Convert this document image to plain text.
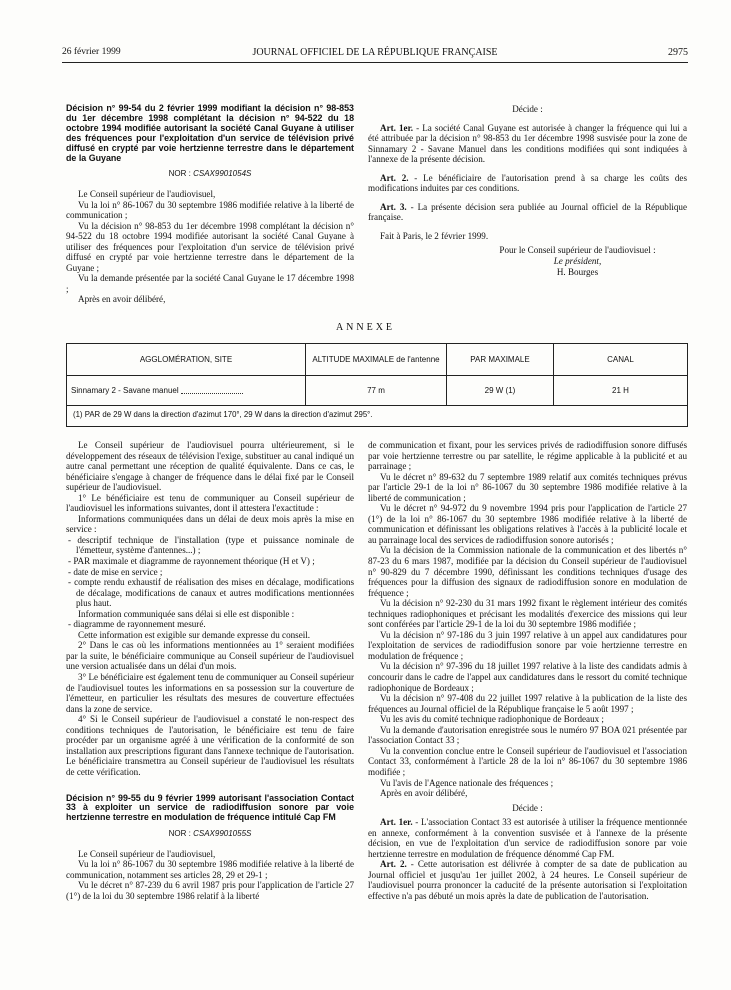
26 février 1999	JOURNAL OFFICIEL DE LA RÉPUBLIQUE FRANÇAISE	2975
Décision n° 99-54 du 2 février 1999 modifiant la décision n° 98-853 du 1er décembre 1998 complétant la décision n° 94-522 du 18 octobre 1994 modifiée autorisant la société Canal Guyane à utiliser des fréquences pour l'exploitation d'un service de télévision privé diffusé en crypté par voie hertzienne terrestre dans le département de la Guyane
NOR : CSAX9901054S

Le Conseil supérieur de l'audiovisuel,

Vu la loi n° 86-1067 du 30 septembre 1986 modifiée relative à la liberté de communication ;

Vu la décision n° 98-853 du 1er décembre 1998 complétant la décision n° 94-522 du 18 octobre 1994 modifiée autorisant la société Canal Guyane à utiliser des fréquences pour l'exploitation d'un service de télévision privé diffusé en crypté par voie hertzienne terrestre dans le département de la Guyane ;

Vu la demande présentée par la société Canal Guyane le 17 décembre 1998 ;

Après en avoir délibéré,

Décide :

Art. 1er. - La société Canal Guyane est autorisée à changer la fréquence qui lui a été attribuée par la décision n° 98-853 du 1er décembre 1998 susvisée pour la zone de Sinnamary 2 - Savane Manuel dans les conditions modifiées qui sont indiquées à l'annexe de la présente décision.

Art. 2. - Le bénéficiaire de l'autorisation prend à sa charge les coûts des modifications induites par ces conditions.

Art. 3. - La présente décision sera publiée au Journal officiel de la République française.

Fait à Paris, le 2 février 1999.

Pour le Conseil supérieur de l'audiovisuel :

Le président,

H. Bourges

ANNEXE
AGGLOMÉRATION, SITE	ALTITUDE MAXIMALE de l'antenne	PAR MAXIMALE	CANAL
Sinnamary 2 - Savane manuel	77 m	29 W (1)	21 H
(1) PAR de 29 W dans la direction d'azimut 170°, 29 W dans la direction d'azimut 295°.

Le Conseil supérieur de l'audiovisuel pourra ultérieurement, si le développement des réseaux de télévision l'exige, substituer au canal indiqué un autre canal permettant une réception de qualité équivalente. Dans ce cas, le bénéficiaire s'engage à changer de fréquence dans le délai fixé par le Conseil supérieur de l'audiovisuel.

1° Le bénéficiaire est tenu de communiquer au Conseil supérieur de l'audiovisuel les informations suivantes, dont il attestera l'exactitude :

Informations communiquées dans un délai de deux mois après la mise en service :

- descriptif technique de l'installation (type et puissance nominale de l'émetteur, système d'antennes...) ;
- PAR maximale et diagramme de rayonnement théorique (H et V) ;
- date de mise en service ;
- compte rendu exhaustif de réalisation des mises en décalage, modifications de décalage, modifications de canaux et autres modifications mentionnées plus haut.

Information communiquée sans délai si elle est disponible :

- diagramme de rayonnement mesuré.

Cette information est exigible sur demande expresse du conseil.

2° Dans le cas où les informations mentionnées au 1° seraient modifiées par la suite, le bénéficiaire communique au Conseil supérieur de l'audiovisuel une version actualisée dans un délai d'un mois.

3° Le bénéficiaire est également tenu de communiquer au Conseil supérieur de l'audiovisuel toutes les informations en sa possession sur la couverture de l'émetteur, en particulier les résultats des mesures de couverture effectuées dans la zone de service.

4° Si le Conseil supérieur de l'audiovisuel a constaté le non-respect des conditions techniques de l'autorisation, le bénéficiaire est tenu de faire procéder par un organisme agréé à une vérification de la conformité de son installation aux prescriptions figurant dans l'annexe technique de l'autorisation. Le bénéficiaire transmettra au Conseil supérieur de l'audiovisuel les résultats de cette vérification.

Décision n° 99-55 du 9 février 1999 autorisant l'association Contact 33 à exploiter un service de radiodiffusion sonore par voie hertzienne terrestre en modulation de fréquence intitulé Cap FM
NOR : CSAX9901055S

Le Conseil supérieur de l'audiovisuel,

Vu la loi n° 86-1067 du 30 septembre 1986 modifiée relative à la liberté de communication, notamment ses articles 28, 29 et 29-1 ;

Vu le décret n° 87-239 du 6 avril 1987 pris pour l'application de l'article 27 (1°) de la loi du 30 septembre 1986 relatif à la liberté

de communication et fixant, pour les services privés de radiodiffusion sonore diffusés par voie hertzienne terrestre ou par satellite, le régime applicable à la publicité et au parrainage ;

Vu le décret n° 89-632 du 7 septembre 1989 relatif aux comités techniques prévus par l'article 29-1 de la loi n° 86-1067 du 30 septembre 1986 modifiée relative à la liberté de communication ;

Vu le décret n° 94-972 du 9 novembre 1994 pris pour l'application de l'article 27 (1°) de la loi n° 86-1067 du 30 septembre 1986 modifiée relative à la liberté de communication et définissant les obligations relatives à l'accès à la publicité locale et au parrainage local des services de radiodiffusion sonore autorisés ;

Vu la décision de la Commission nationale de la communication et des libertés n° 87-23 du 6 mars 1987, modifiée par la décision du Conseil supérieur de l'audiovisuel n° 90-829 du 7 décembre 1990, définissant les conditions techniques d'usage des fréquences pour la diffusion des signaux de radiodiffusion sonore en modulation de fréquence ;

Vu la décision n° 92-230 du 31 mars 1992 fixant le règlement intérieur des comités techniques radiophoniques et précisant les modalités d'exercice des missions qui leur sont conférées par l'article 29-1 de la loi du 30 septembre 1986 modifiée ;

Vu la décision n° 97-186 du 3 juin 1997 relative à un appel aux candidatures pour l'exploitation de services de radiodiffusion sonore par voie hertzienne terrestre en modulation de fréquence ;

Vu la décision n° 97-396 du 18 juillet 1997 relative à la liste des candidats admis à concourir dans le cadre de l'appel aux candidatures dans le ressort du comité technique radiophonique de Bordeaux ;

Vu la décision n° 97-408 du 22 juillet 1997 relative à la publication de la liste des fréquences au Journal officiel de la République française le 5 août 1997 ;

Vu les avis du comité technique radiophonique de Bordeaux ;

Vu la demande d'autorisation enregistrée sous le numéro 97 BOA 021 présentée par l'association Contact 33 ;

Vu la convention conclue entre le Conseil supérieur de l'audiovisuel et l'association Contact 33, conformément à l'article 28 de la loi n° 86-1067 du 30 septembre 1986 modifiée ;

Vu l'avis de l'Agence nationale des fréquences ;

Après en avoir délibéré,

Décide :

Art. 1er. - L'association Contact 33 est autorisée à utiliser la fréquence mentionnée en annexe, conformément à la convention susvisée et à l'annexe de la présente décision, en vue de l'exploitation d'un service de radiodiffusion sonore par voie hertzienne terrestre en modulation de fréquence dénommé Cap FM.

Art. 2. - Cette autorisation est délivrée à compter de sa date de publication au Journal officiel et jusqu'au 1er juillet 2002, à 24 heures. Le Conseil supérieur de l'audiovisuel pourra prononcer la caducité de la présente autorisation si l'exploitation effective n'a pas débuté un mois après la date de publication de l'autorisation.
